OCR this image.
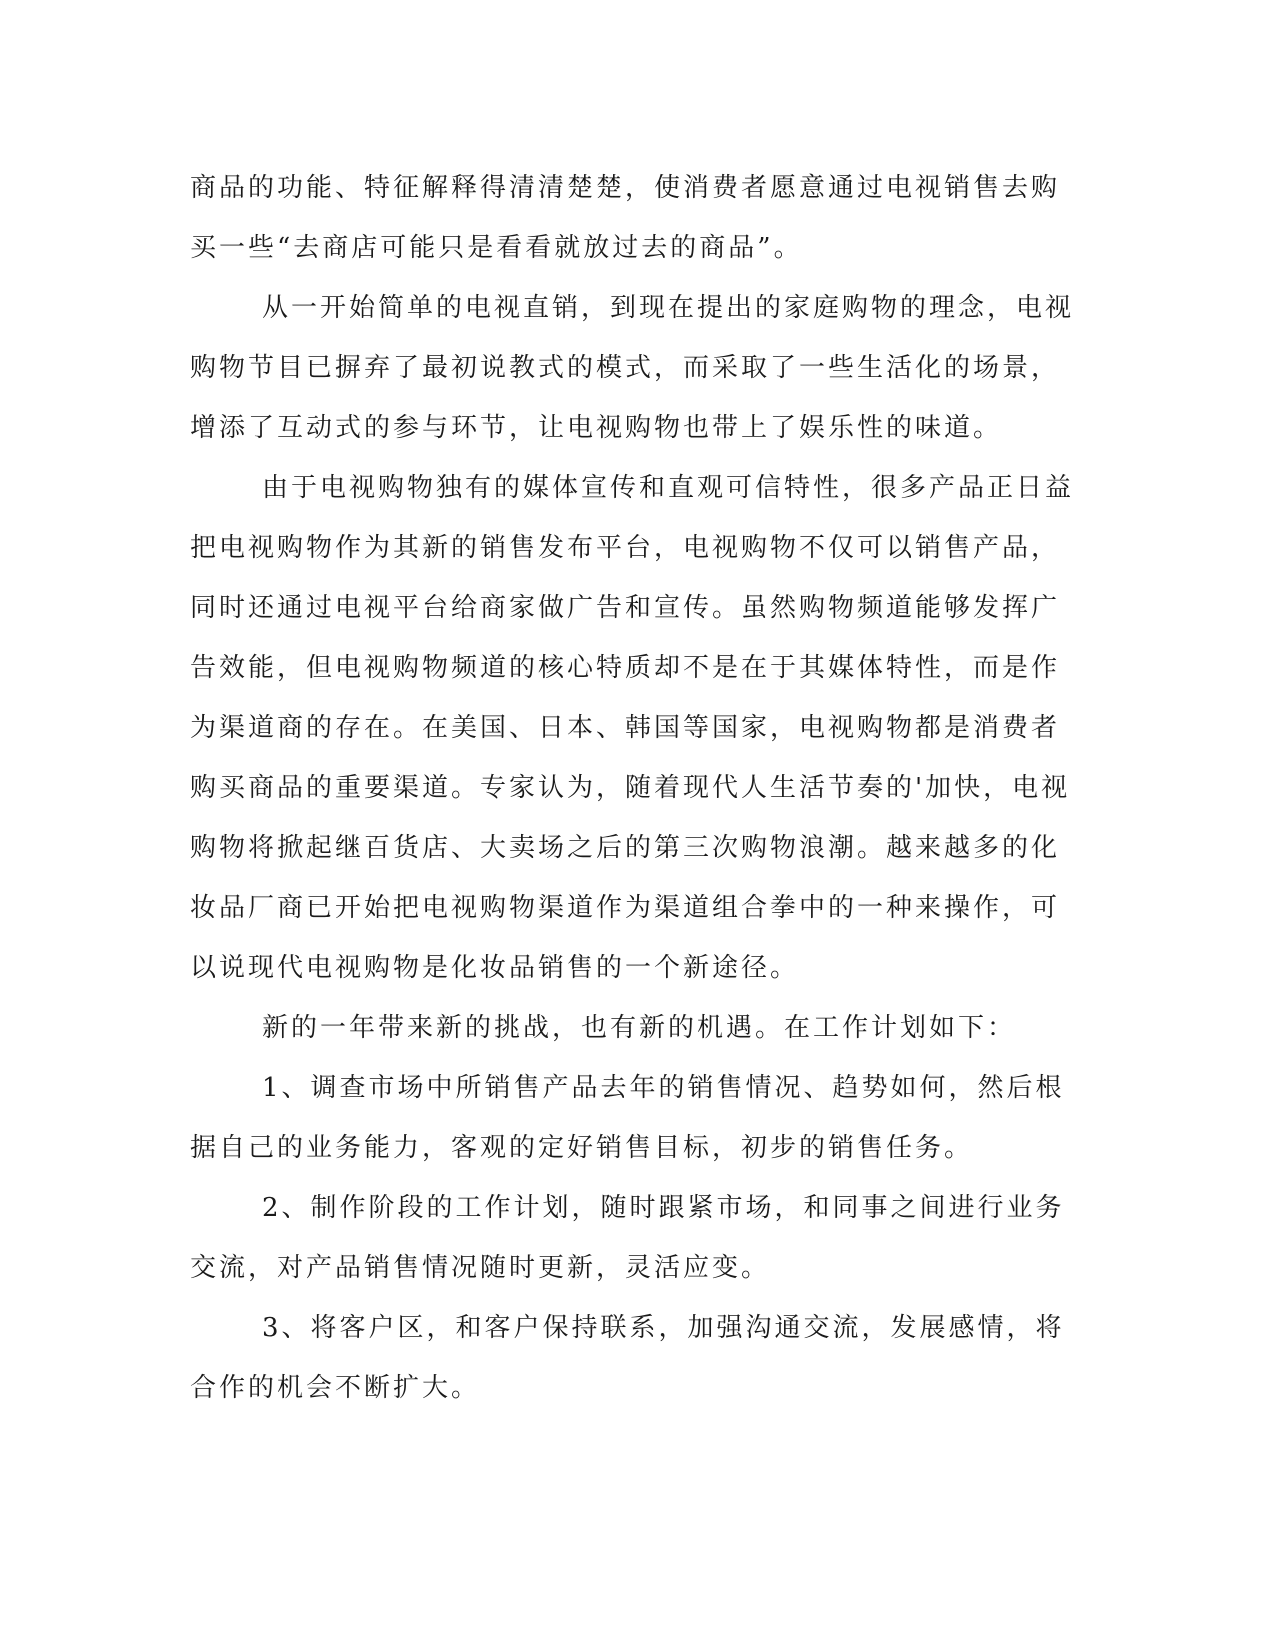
商品的功能、特征解释得清清楚楚，使消费者愿意通过电视销售去购
买一些“去商店可能只是看看就放过去的商品”。
从一开始简单的电视直销，到现在提出的家庭购物的理念，电视
购物节目已摒弃了最初说教式的模式，而采取了一些生活化的场景，
增添了互动式的参与环节，让电视购物也带上了娱乐性的味道。
由于电视购物独有的媒体宣传和直观可信特性，很多产品正日益
把电视购物作为其新的销售发布平台，电视购物不仅可以销售产品，
同时还通过电视平台给商家做广告和宣传。虽然购物频道能够发挥广
告效能，但电视购物频道的核心特质却不是在于其媒体特性，而是作
为渠道商的存在。在美国、日本、韩国等国家，电视购物都是消费者
购买商品的重要渠道。专家认为，随着现代人生活节奏的'加快，电视
购物将掀起继百货店、大卖场之后的第三次购物浪潮。越来越多的化
妆品厂商已开始把电视购物渠道作为渠道组合拳中的一种来操作，可
以说现代电视购物是化妆品销售的一个新途径。
新的一年带来新的挑战，也有新的机遇。在工作计划如下：
1、调查市场中所销售产品去年的销售情况、趋势如何，然后根
据自己的业务能力，客观的定好销售目标，初步的销售任务。
2、制作阶段的工作计划，随时跟紧市场，和同事之间进行业务
交流，对产品销售情况随时更新，灵活应变。
3、将客户区，和客户保持联系，加强沟通交流，发展感情，将
合作的机会不断扩大。
